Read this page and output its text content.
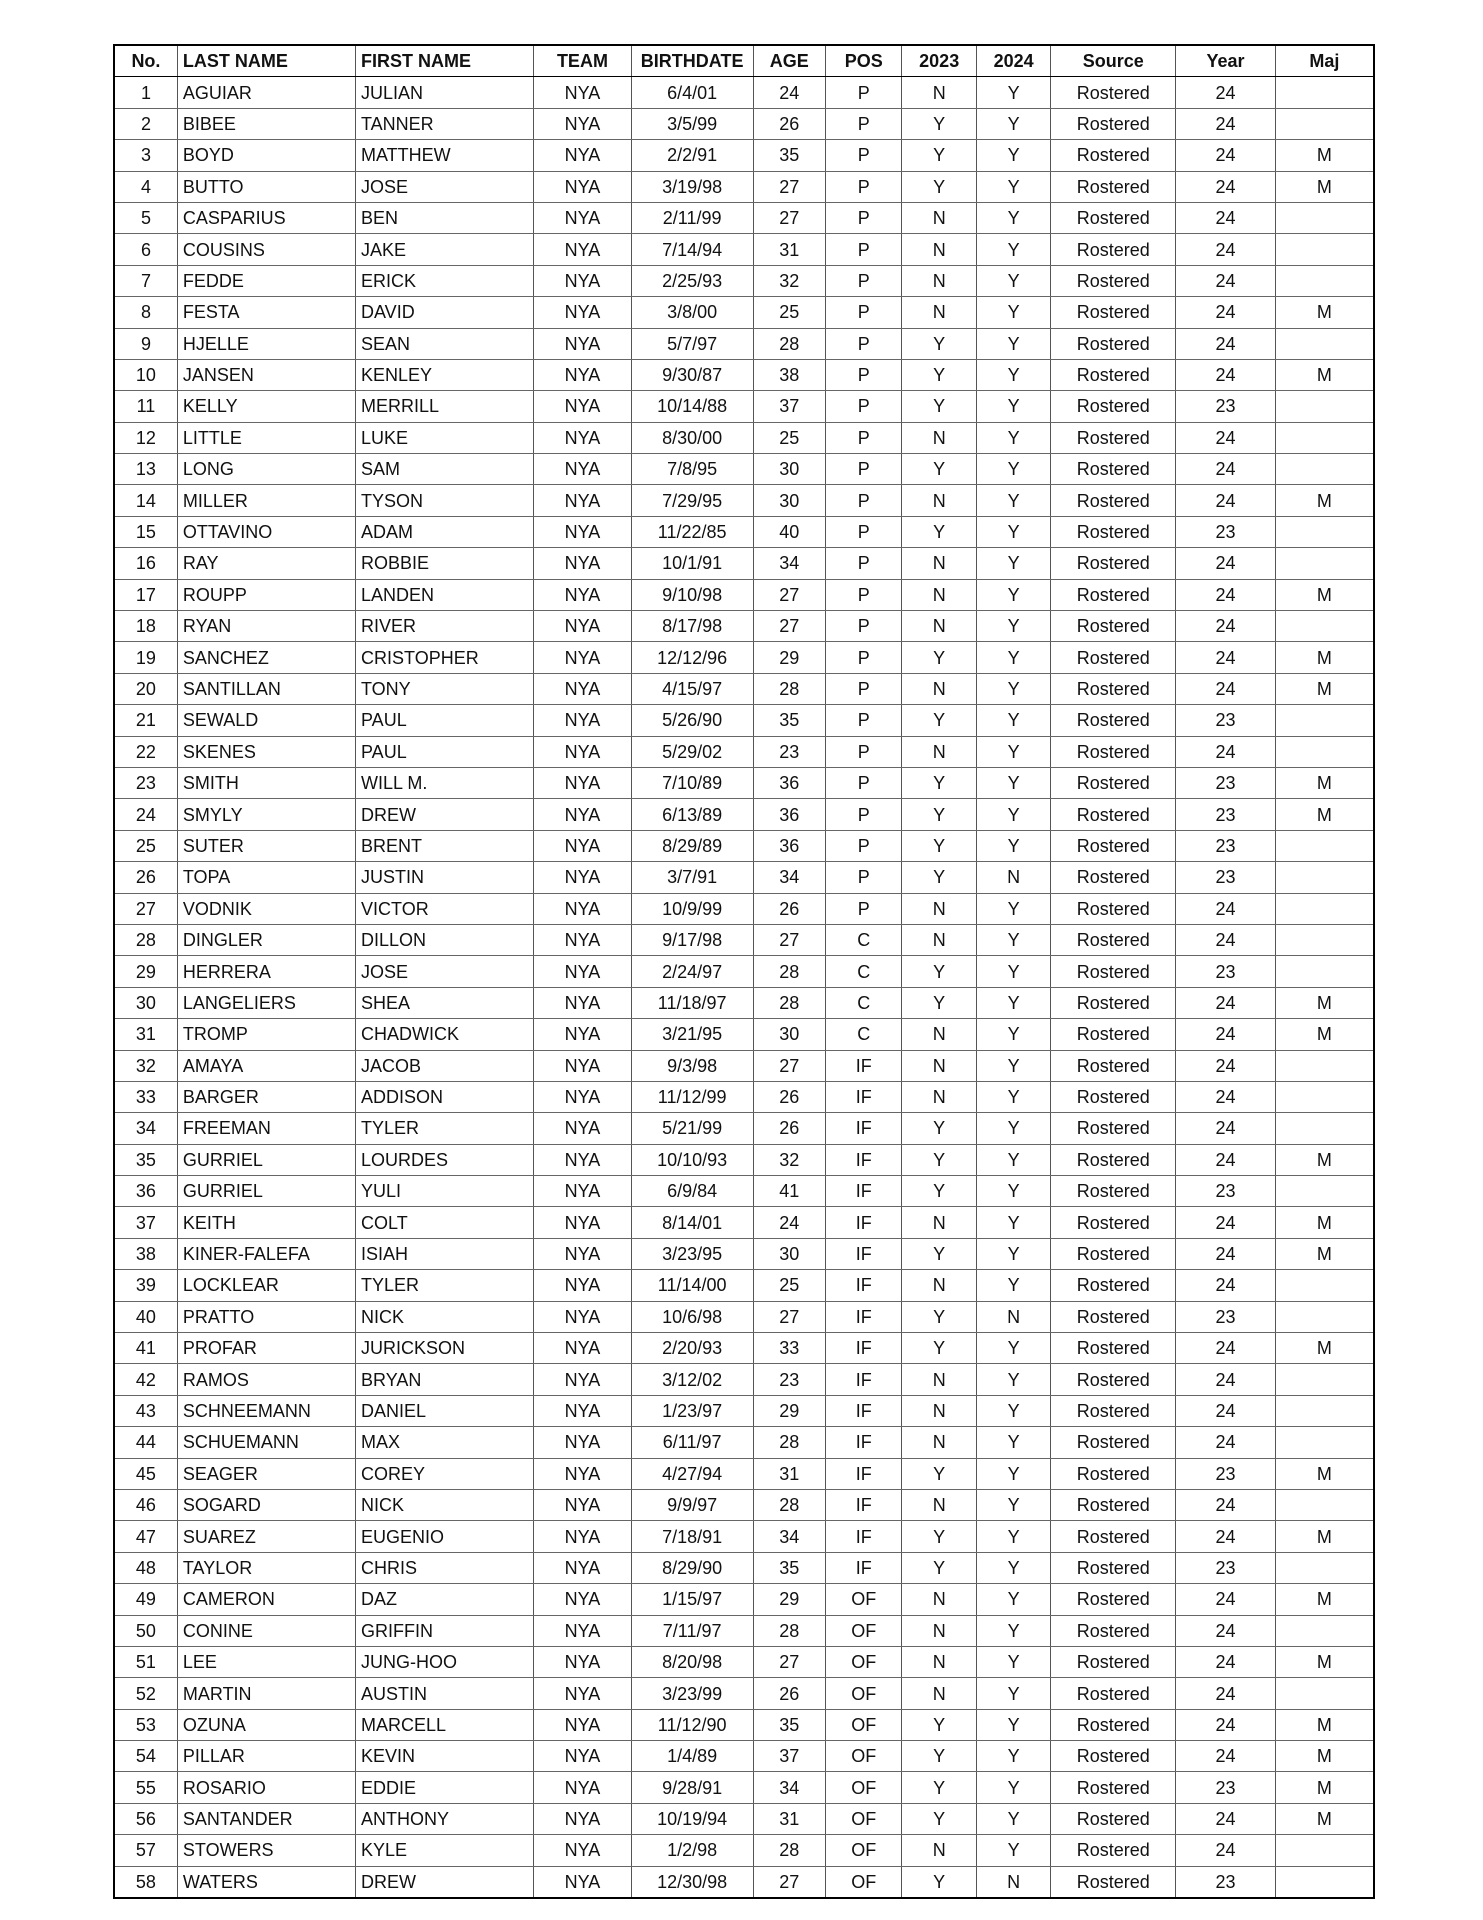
No.	LAST NAME	FIRST NAME	TEAM	BIRTHDATE	AGE	POS	2023	2024	Source	Year	Maj
1	AGUIAR	JULIAN	NYA	6/4/01	24	P	N	Y	Rostered	24	
2	BIBEE	TANNER	NYA	3/5/99	26	P	Y	Y	Rostered	24	
3	BOYD	MATTHEW	NYA	2/2/91	35	P	Y	Y	Rostered	24	M
4	BUTTO	JOSE	NYA	3/19/98	27	P	Y	Y	Rostered	24	M
5	CASPARIUS	BEN	NYA	2/11/99	27	P	N	Y	Rostered	24	
6	COUSINS	JAKE	NYA	7/14/94	31	P	N	Y	Rostered	24	
7	FEDDE	ERICK	NYA	2/25/93	32	P	N	Y	Rostered	24	
8	FESTA	DAVID	NYA	3/8/00	25	P	N	Y	Rostered	24	M
9	HJELLE	SEAN	NYA	5/7/97	28	P	Y	Y	Rostered	24	
10	JANSEN	KENLEY	NYA	9/30/87	38	P	Y	Y	Rostered	24	M
11	KELLY	MERRILL	NYA	10/14/88	37	P	Y	Y	Rostered	23	
12	LITTLE	LUKE	NYA	8/30/00	25	P	N	Y	Rostered	24	
13	LONG	SAM	NYA	7/8/95	30	P	Y	Y	Rostered	24	
14	MILLER	TYSON	NYA	7/29/95	30	P	N	Y	Rostered	24	M
15	OTTAVINO	ADAM	NYA	11/22/85	40	P	Y	Y	Rostered	23	
16	RAY	ROBBIE	NYA	10/1/91	34	P	N	Y	Rostered	24	
17	ROUPP	LANDEN	NYA	9/10/98	27	P	N	Y	Rostered	24	M
18	RYAN	RIVER	NYA	8/17/98	27	P	N	Y	Rostered	24	
19	SANCHEZ	CRISTOPHER	NYA	12/12/96	29	P	Y	Y	Rostered	24	M
20	SANTILLAN	TONY	NYA	4/15/97	28	P	N	Y	Rostered	24	M
21	SEWALD	PAUL	NYA	5/26/90	35	P	Y	Y	Rostered	23	
22	SKENES	PAUL	NYA	5/29/02	23	P	N	Y	Rostered	24	
23	SMITH	WILL M.	NYA	7/10/89	36	P	Y	Y	Rostered	23	M
24	SMYLY	DREW	NYA	6/13/89	36	P	Y	Y	Rostered	23	M
25	SUTER	BRENT	NYA	8/29/89	36	P	Y	Y	Rostered	23	
26	TOPA	JUSTIN	NYA	3/7/91	34	P	Y	N	Rostered	23	
27	VODNIK	VICTOR	NYA	10/9/99	26	P	N	Y	Rostered	24	
28	DINGLER	DILLON	NYA	9/17/98	27	C	N	Y	Rostered	24	
29	HERRERA	JOSE	NYA	2/24/97	28	C	Y	Y	Rostered	23	
30	LANGELIERS	SHEA	NYA	11/18/97	28	C	Y	Y	Rostered	24	M
31	TROMP	CHADWICK	NYA	3/21/95	30	C	N	Y	Rostered	24	M
32	AMAYA	JACOB	NYA	9/3/98	27	IF	N	Y	Rostered	24	
33	BARGER	ADDISON	NYA	11/12/99	26	IF	N	Y	Rostered	24	
34	FREEMAN	TYLER	NYA	5/21/99	26	IF	Y	Y	Rostered	24	
35	GURRIEL	LOURDES	NYA	10/10/93	32	IF	Y	Y	Rostered	24	M
36	GURRIEL	YULI	NYA	6/9/84	41	IF	Y	Y	Rostered	23	
37	KEITH	COLT	NYA	8/14/01	24	IF	N	Y	Rostered	24	M
38	KINER-FALEFA	ISIAH	NYA	3/23/95	30	IF	Y	Y	Rostered	24	M
39	LOCKLEAR	TYLER	NYA	11/14/00	25	IF	N	Y	Rostered	24	
40	PRATTO	NICK	NYA	10/6/98	27	IF	Y	N	Rostered	23	
41	PROFAR	JURICKSON	NYA	2/20/93	33	IF	Y	Y	Rostered	24	M
42	RAMOS	BRYAN	NYA	3/12/02	23	IF	N	Y	Rostered	24	
43	SCHNEEMANN	DANIEL	NYA	1/23/97	29	IF	N	Y	Rostered	24	
44	SCHUEMANN	MAX	NYA	6/11/97	28	IF	N	Y	Rostered	24	
45	SEAGER	COREY	NYA	4/27/94	31	IF	Y	Y	Rostered	23	M
46	SOGARD	NICK	NYA	9/9/97	28	IF	N	Y	Rostered	24	
47	SUAREZ	EUGENIO	NYA	7/18/91	34	IF	Y	Y	Rostered	24	M
48	TAYLOR	CHRIS	NYA	8/29/90	35	IF	Y	Y	Rostered	23	
49	CAMERON	DAZ	NYA	1/15/97	29	OF	N	Y	Rostered	24	M
50	CONINE	GRIFFIN	NYA	7/11/97	28	OF	N	Y	Rostered	24	
51	LEE	JUNG-HOO	NYA	8/20/98	27	OF	N	Y	Rostered	24	M
52	MARTIN	AUSTIN	NYA	3/23/99	26	OF	N	Y	Rostered	24	
53	OZUNA	MARCELL	NYA	11/12/90	35	OF	Y	Y	Rostered	24	M
54	PILLAR	KEVIN	NYA	1/4/89	37	OF	Y	Y	Rostered	24	M
55	ROSARIO	EDDIE	NYA	9/28/91	34	OF	Y	Y	Rostered	23	M
56	SANTANDER	ANTHONY	NYA	10/19/94	31	OF	Y	Y	Rostered	24	M
57	STOWERS	KYLE	NYA	1/2/98	28	OF	N	Y	Rostered	24	
58	WATERS	DREW	NYA	12/30/98	27	OF	Y	N	Rostered	23	
